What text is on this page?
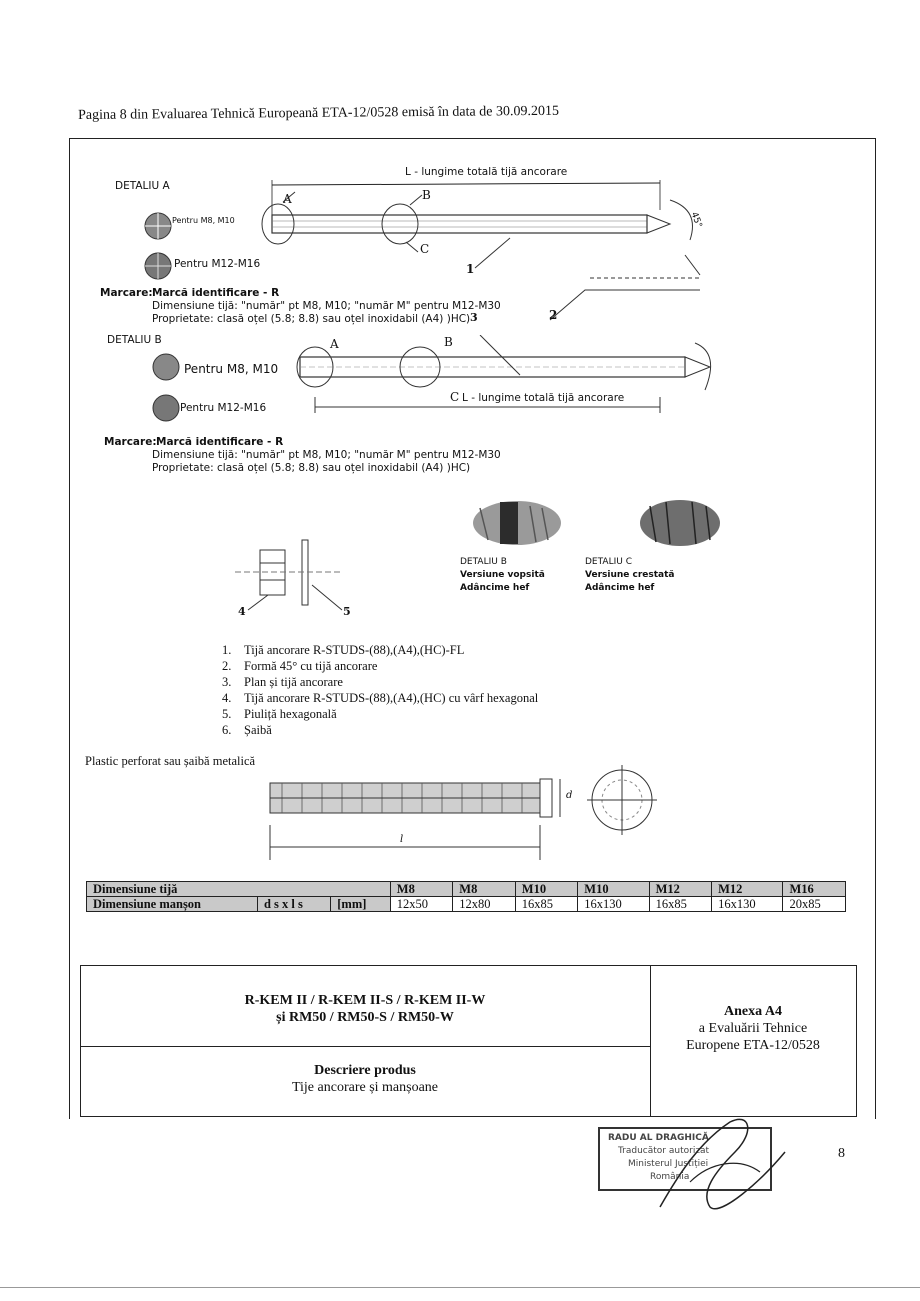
Pagina 8 din Evaluarea Tehnică Europeană ETA-12/0528 emisă în data de 30.09.2015
DETALIU A
L - lungime totală tijă ancorare
A	B
C
1
2
45°
Pentru M8, M10
Pentru M12-M16
Marcare: Marcă identificare - R
Dimensiune tijă: "număr" pt M8, M10; "număr M" pentru M12-M30
Proprietate: clasă oțel (5.8; 8.8) sau oțel inoxidabil (A4) )HC) 3
DETALIU B	A	B
C L - lungime totală tijă ancorare
Pentru M8, M10
Pentru M12-M16
Marcare: Marcă identificare - R
Dimensiune tijă: "număr" pt M8, M10; "număr M" pentru M12-M30
Proprietate: clasă oțel (5.8; 8.8) sau oțel inoxidabil (A4) )HC)
4	5
DETALIU B
Versiune vopsită
Adâncime hef
DETALIU C
Versiune crestată
Adâncime hef
1. Tijă ancorare R-STUDS-(88),(A4),(HC)-FL
2. Formă 45° cu tijă ancorare
3. Plan și tijă ancorare
4. Tijă ancorare R-STUDS-(88),(A4),(HC) cu vârf hexagonal
5. Piuliță hexagonală
6. Șaibă
Plastic perforat sau șaibă metalică
d
l
Dimensiune tijă			M8	M8	M10	M10	M12	M12	M16
Dimensiune manșon	d s x l s	[mm]	12x50	12x80	16x85	16x130	16x85	16x130	20x85
R-KEM II / R-KEM II-S / R-KEM II-W
și RM50 / RM50-S / RM50-W
Descriere produs
Tije ancorare și manșoane
Anexa A4
a Evaluării Tehnice
Europene ETA-12/0528
RADU AL DRAGHICĂ
Traducător autorizat
Ministerul Justiției
România
8
